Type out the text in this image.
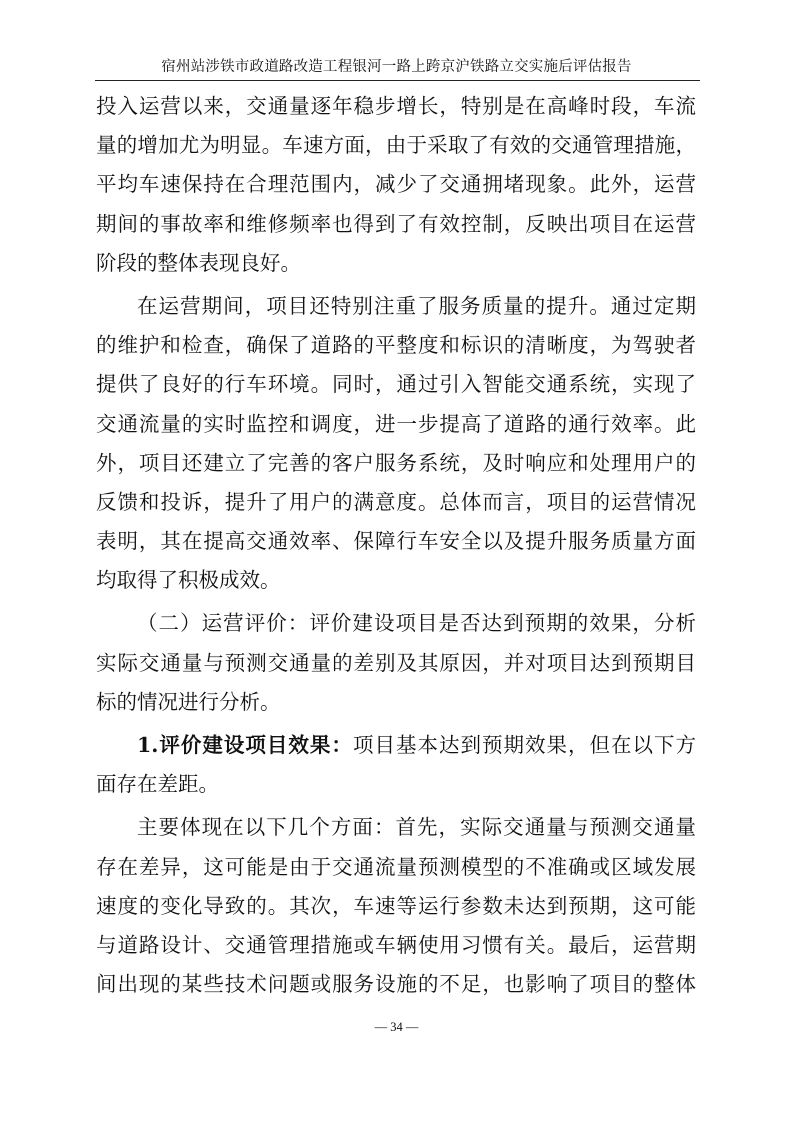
宿州站涉铁市政道路改造工程银河一路上跨京沪铁路立交实施后评估报告
投入运营以来，交通量逐年稳步增长，特别是在高峰时段，车流
量的增加尤为明显。车速方面，由于采取了有效的交通管理措施，
平均车速保持在合理范围内，减少了交通拥堵现象。此外，运营
期间的事故率和维修频率也得到了有效控制，反映出项目在运营
阶段的整体表现良好。
在运营期间，项目还特别注重了服务质量的提升。通过定期
的维护和检查，确保了道路的平整度和标识的清晰度，为驾驶者
提供了良好的行车环境。同时，通过引入智能交通系统，实现了
交通流量的实时监控和调度，进一步提高了道路的通行效率。此
外，项目还建立了完善的客户服务系统，及时响应和处理用户的
反馈和投诉，提升了用户的满意度。总体而言，项目的运营情况
表明，其在提高交通效率、保障行车安全以及提升服务质量方面
均取得了积极成效。
（二）运营评价：评价建设项目是否达到预期的效果，分析
实际交通量与预测交通量的差别及其原因，并对项目达到预期目
标的情况进行分析。
1.评价建设项目效果：项目基本达到预期效果，但在以下方
面存在差距。
主要体现在以下几个方面：首先，实际交通量与预测交通量
存在差异，这可能是由于交通流量预测模型的不准确或区域发展
速度的变化导致的。其次，车速等运行参数未达到预期，这可能
与道路设计、交通管理措施或车辆使用习惯有关。最后，运营期
间出现的某些技术问题或服务设施的不足，也影响了项目的整体
— 34 —
